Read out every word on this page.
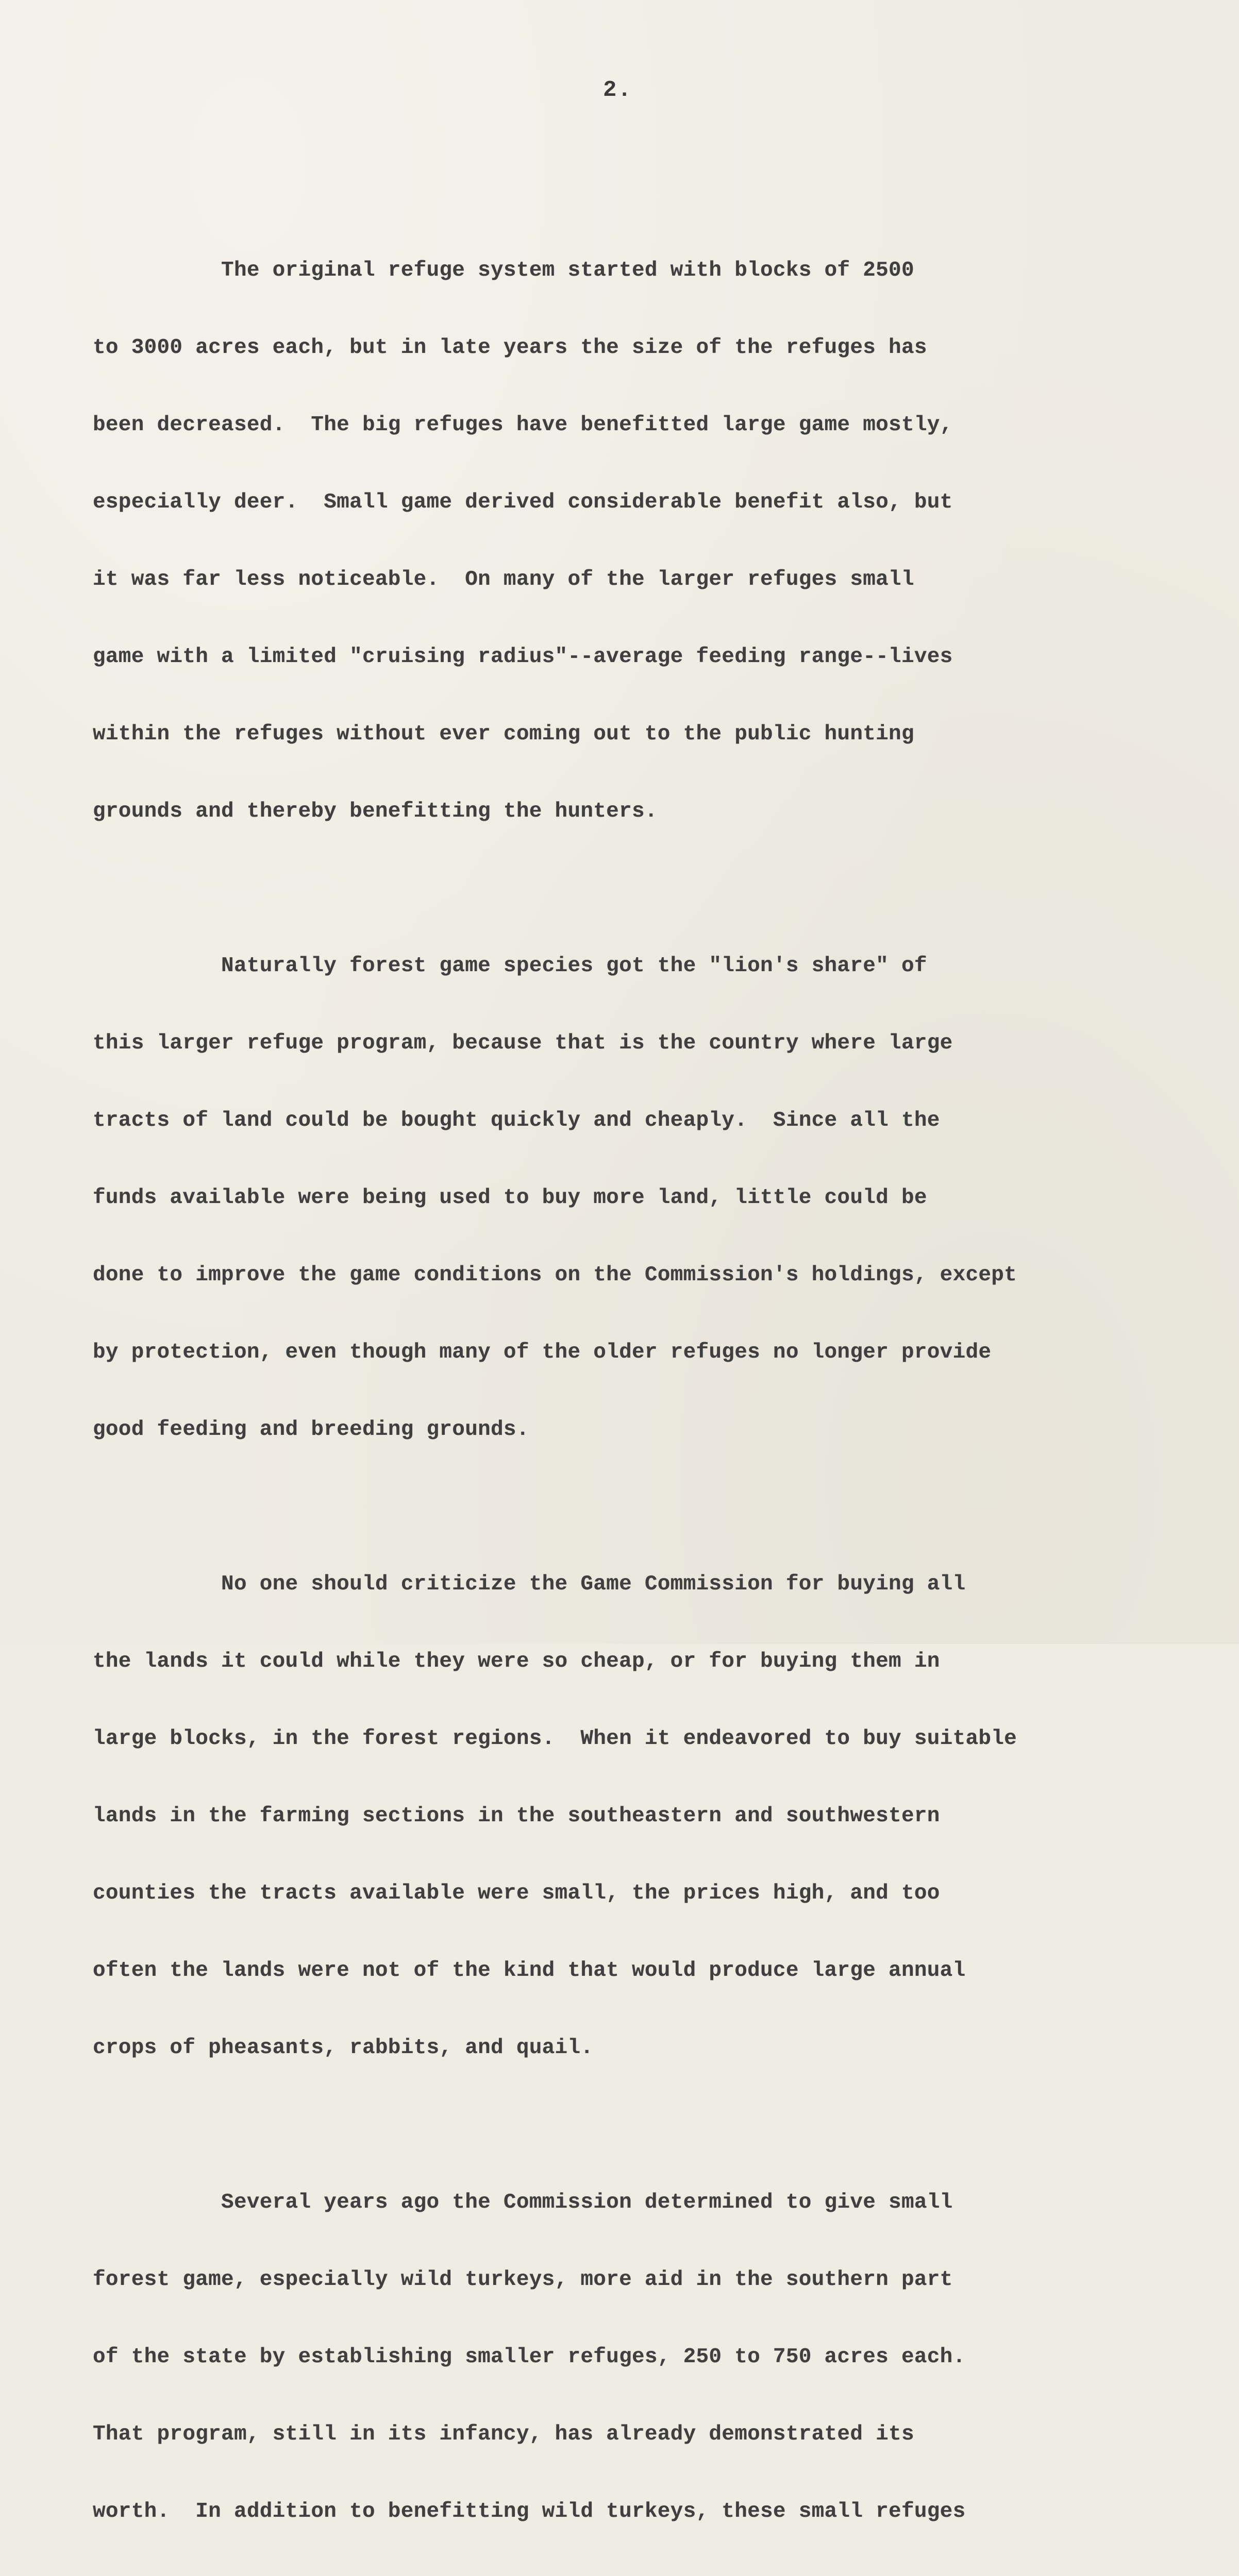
2.

The original refuge system started with blocks of 2500

to 3000 acres each, but in late years the size of the refuges has

been decreased.  The big refuges have benefitted large game mostly,

especially deer.  Small game derived considerable benefit also, but

it was far less noticeable.  On many of the larger refuges small

game with a limited "cruising radius"--average feeding range--lives

within the refuges without ever coming out to the public hunting

grounds and thereby benefitting the hunters.

Naturally forest game species got the "lion's share" of

this larger refuge program, because that is the country where large

tracts of land could be bought quickly and cheaply.  Since all the

funds available were being used to buy more land, little could be

done to improve the game conditions on the Commission's holdings, except

by protection, even though many of the older refuges no longer provide

good feeding and breeding grounds.

No one should criticize the Game Commission for buying all

the lands it could while they were so cheap, or for buying them in

large blocks, in the forest regions.  When it endeavored to buy suitable

lands in the farming sections in the southeastern and southwestern

counties the tracts available were small, the prices high, and too

often the lands were not of the kind that would produce large annual

crops of pheasants, rabbits, and quail.

Several years ago the Commission determined to give small

forest game, especially wild turkeys, more aid in the southern part

of the state by establishing smaller refuges, 250 to 750 acres each.

That program, still in its infancy, has already demonstrated its

worth.  In addition to benefitting wild turkeys, these small refuges
